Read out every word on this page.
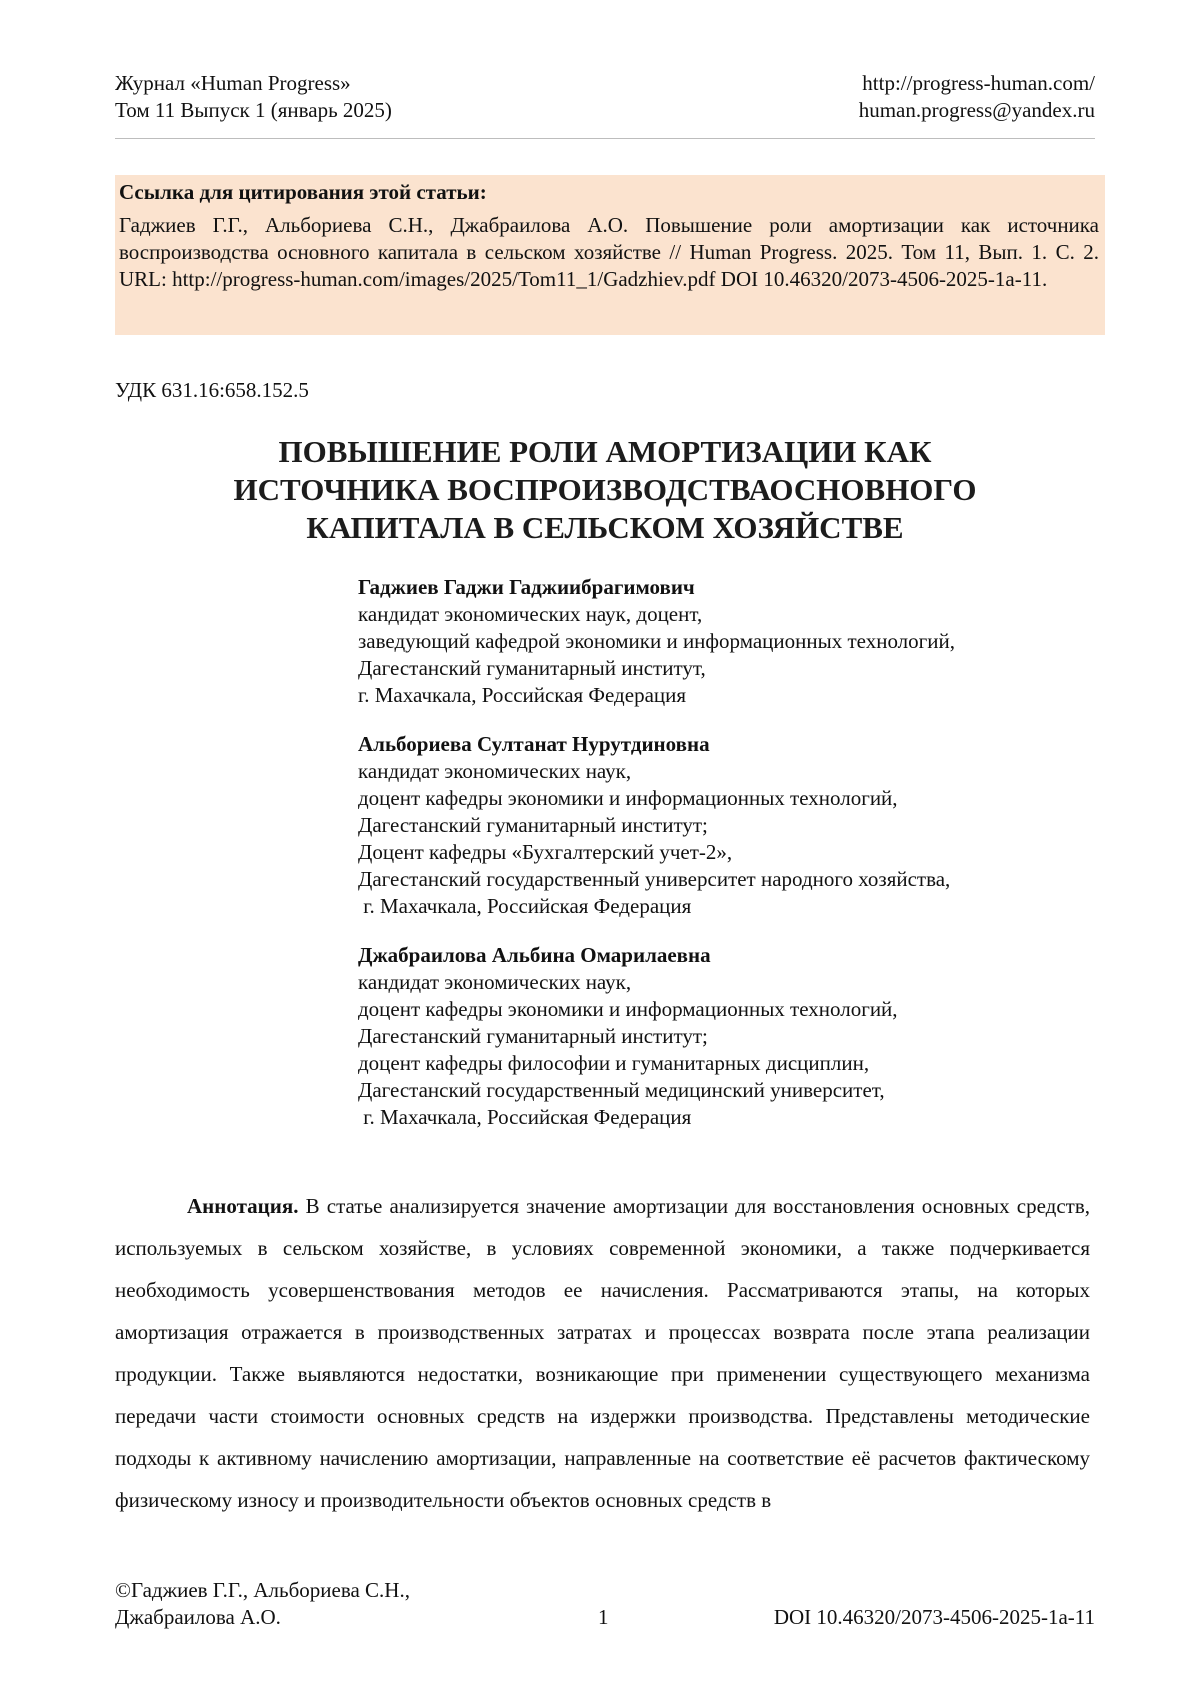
Журнал «Human Progress»
Том 11 Выпуск 1 (январь 2025)
http://progress-human.com/
human.progress@yandex.ru
Ссылка для цитирования этой статьи:
Гаджиев Г.Г., Альбориева С.Н., Джабраилова А.О. Повышение роли амортизации как источника воспроизводства основного капитала в сельском хозяйстве // Human Progress. 2025. Том 11, Вып. 1. С. 2. URL: http://progress-human.com/images/2025/Tom11_1/Gadzhiev.pdf DOI 10.46320/2073-4506-2025-1a-11.
УДК 631.16:658.152.5
ПОВЫШЕНИЕ РОЛИ АМОРТИЗАЦИИ КАК
ИСТОЧНИКА ВОСПРОИЗВОДСТВАОСНОВНОГО
КАПИТАЛА В СЕЛЬСКОМ ХОЗЯЙСТВЕ
Гаджиев Гаджи Гаджиибрагимович
кандидат экономических наук, доцент,
заведующий кафедрой экономики и информационных технологий,
Дагестанский гуманитарный институт,
г. Махачкала, Российская Федерация
Альбориева Султанат Нурутдиновна
кандидат экономических наук,
доцент кафедры экономики и информационных технологий,
Дагестанский гуманитарный институт;
Доцент кафедры «Бухгалтерский учет-2»,
Дагестанский государственный университет народного хозяйства,
г. Махачкала, Российская Федерация
Джабраилова Альбина Омарилаевна
кандидат экономических наук,
доцент кафедры экономики и информационных технологий,
Дагестанский гуманитарный институт;
доцент кафедры философии и гуманитарных дисциплин,
Дагестанский государственный медицинский университет,
г. Махачкала, Российская Федерация
Аннотация. В статье анализируется значение амортизации для восстановления основных средств, используемых в сельском хозяйстве, в условиях современной экономики, а также подчеркивается необходимость усовершенствования методов ее начисления. Рассматриваются этапы, на которых амортизация отражается в производственных затратах и процессах возврата после этапа реализации продукции. Также выявляются недостатки, возникающие при применении существующего механизма передачи части стоимости основных средств на издержки производства. Представлены методические подходы к активному начислению амортизации, направленные на соответствие её расчетов фактическому физическому износу и производительности объектов основных средств в
©Гаджиев Г.Г., Альбориева С.Н.,
Джабраилова А.О.	1	DOI 10.46320/2073-4506-2025-1a-11
